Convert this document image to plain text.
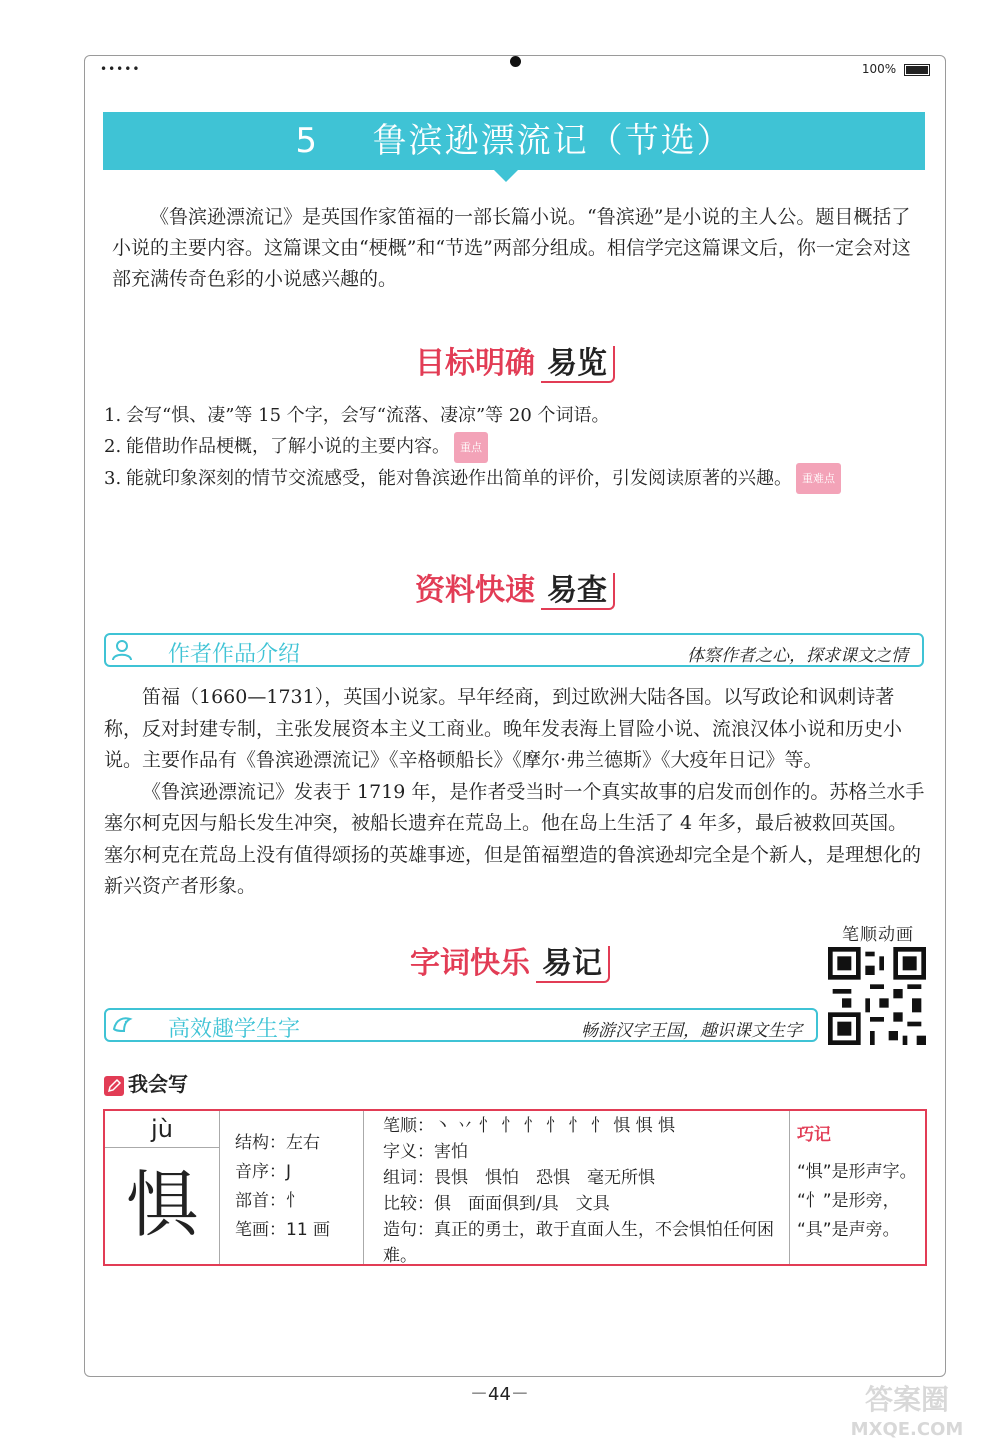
•••••	100%
5 鲁滨逊漂流记（节选）
《鲁滨逊漂流记》是英国作家笛福的一部长篇小说。“鲁滨逊”是小说的主人公。题目概括了小说的主要内容。这篇课文由“梗概”和“节选”两部分组成。相信学完这篇课文后，你一定会对这部充满传奇色彩的小说感兴趣的。
目标明确 易览
1. 会写“惧、凄”等 15 个字，会写“流落、凄凉”等 20 个词语。
2. 能借助作品梗概，了解小说的主要内容。 重点
3. 能就印象深刻的情节交流感受，能对鲁滨逊作出简单的评价，引发阅读原著的兴趣。 重难点
资料快速 易查
作者作品介绍	体察作者之心，探求课文之情

笛福（1660—1731），英国小说家。早年经商，到过欧洲大陆各国。以写政论和讽刺诗著称，反对封建专制，主张发展资本主义工商业。晚年发表海上冒险小说、流浪汉体小说和历史小说。主要作品有《鲁滨逊漂流记》《辛格顿船长》《摩尔·弗兰德斯》《大疫年日记》等。

《鲁滨逊漂流记》发表于 1719 年，是作者受当时一个真实故事的启发而创作的。苏格兰水手塞尔柯克因与船长发生冲突，被船长遗弃在荒岛上。他在岛上生活了 4 年多，最后被救回英国。塞尔柯克在荒岛上没有值得颂扬的英雄事迹，但是笛福塑造的鲁滨逊却完全是个新人，是理想化的新兴资产者形象。

字词快乐 易记
笔顺动画
高效趣学生字	畅游汉字王国，趣识课文生字
我会写
jù
惧
结构：左右
音序：J
部首：忄
笔画：11 画
笔顺：丶 丷 忄 忄 忄 忄 忄 忄 惧 惧 惧
字义：害怕
组词：畏惧　惧怕　恐惧　毫无所惧
比较：俱　面面俱到/具　文具
造句：真正的勇士，敢于直面人生，不会惧怕任何困难。
巧记
“惧”是形声字。
“忄”是形旁，
“具”是声旁。
－44－	答案圈
MXQE.COM
